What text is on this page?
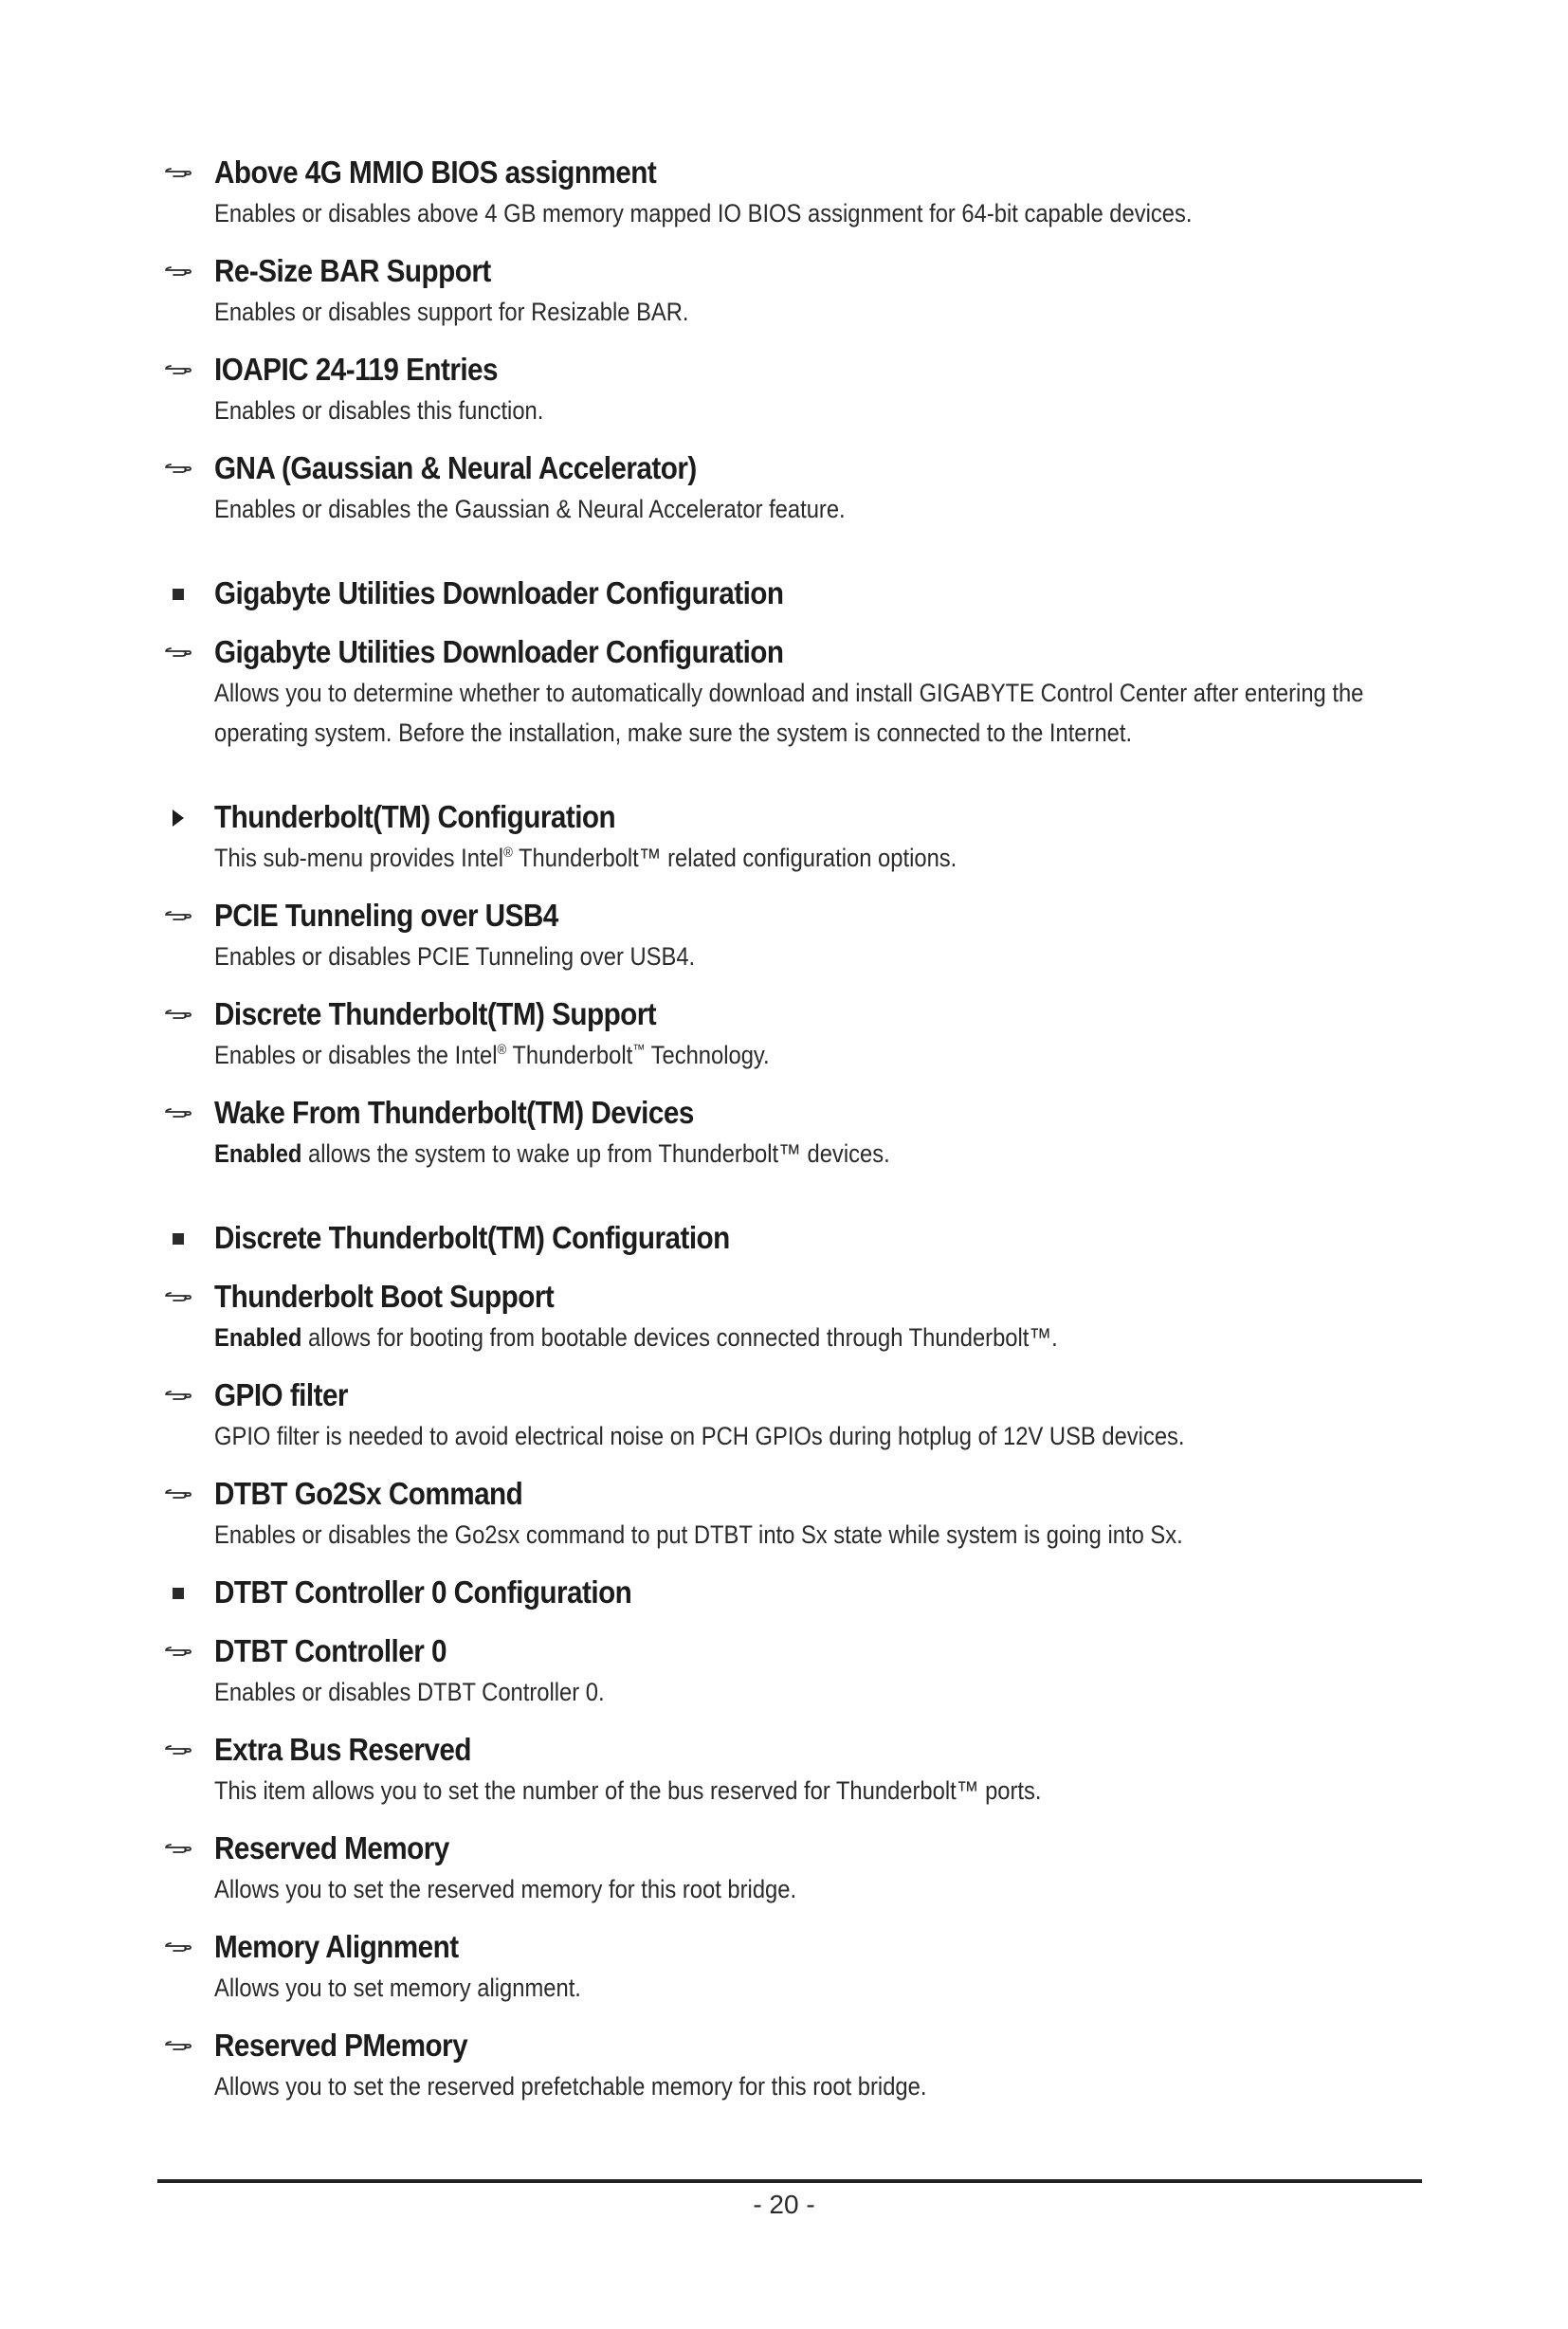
Above 4G MMIO BIOS assignment
Enables or disables above 4 GB memory mapped IO BIOS assignment for 64-bit capable devices.
Re-Size BAR Support
Enables or disables support for Resizable BAR.
IOAPIC 24-119 Entries
Enables or disables this function.
GNA (Gaussian & Neural Accelerator)
Enables or disables the Gaussian & Neural Accelerator feature.
Gigabyte Utilities Downloader Configuration
Gigabyte Utilities Downloader Configuration
Allows you to determine whether to automatically download and install GIGABYTE Control Center after entering the operating system. Before the installation, make sure the system is connected to the Internet.
Thunderbolt(TM) Configuration
This sub-menu provides Intel® Thunderbolt™ related configuration options.
PCIE Tunneling over USB4
Enables or disables PCIE Tunneling over USB4.
Discrete Thunderbolt(TM) Support
Enables or disables the Intel® Thunderbolt™ Technology.
Wake From Thunderbolt(TM) Devices
Enabled allows the system to wake up from Thunderbolt™ devices.
Discrete Thunderbolt(TM) Configuration
Thunderbolt Boot Support
Enabled allows for booting from bootable devices connected through Thunderbolt™.
GPIO filter
GPIO filter is needed to avoid electrical noise on PCH GPIOs during hotplug of 12V USB devices.
DTBT Go2Sx Command
Enables or disables the Go2sx command to put DTBT into Sx state while system is going into Sx.
DTBT Controller 0 Configuration
DTBT Controller 0
Enables or disables DTBT Controller 0.
Extra Bus Reserved
This item allows you to set the number of the bus reserved for Thunderbolt™ ports.
Reserved Memory
Allows you to set the reserved memory for this root bridge.
Memory Alignment
Allows you to set memory alignment.
Reserved PMemory
Allows you to set the reserved prefetchable memory for this root bridge.
- 20 -
